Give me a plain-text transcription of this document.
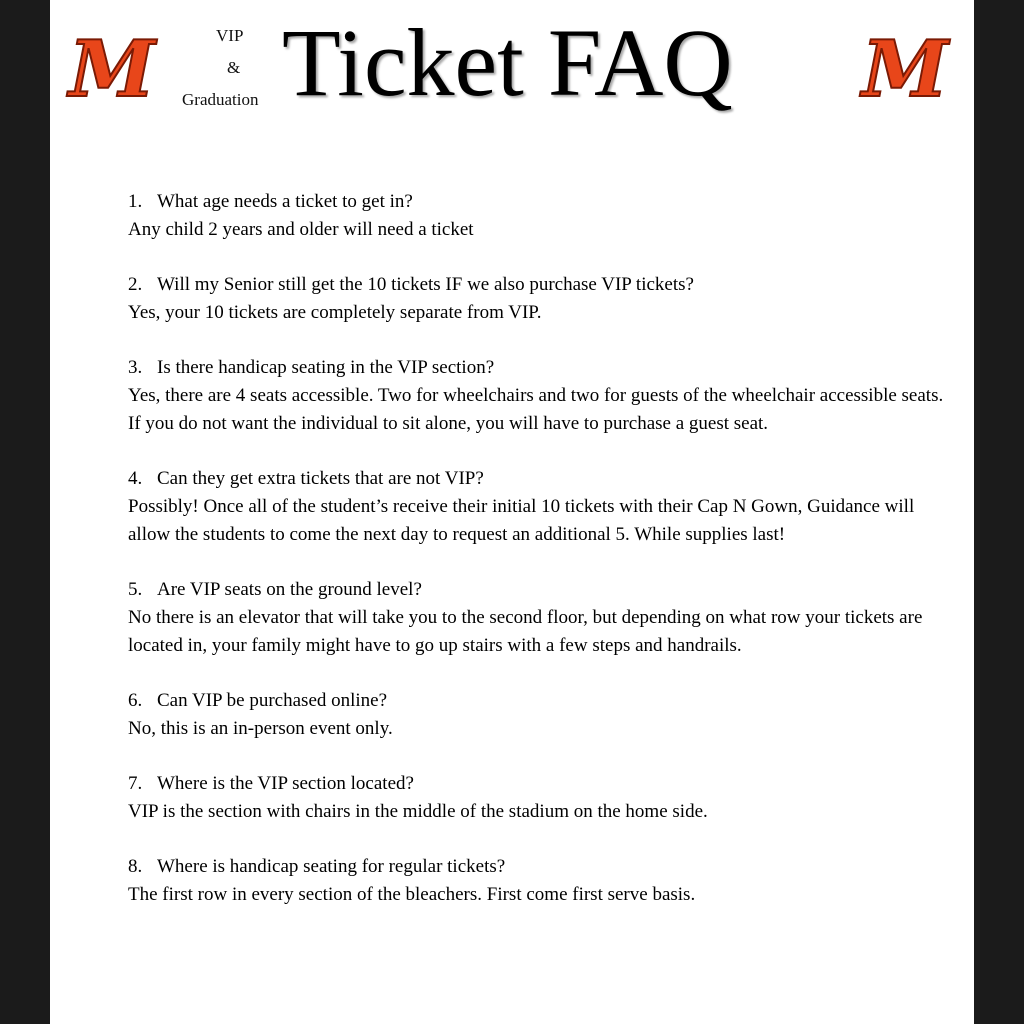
M	VIP
&
Graduation Ticket FAQ M
1. What age needs a ticket to get in?
Any child 2 years and older will need a ticket
2. Will my Senior still get the 10 tickets IF we also purchase VIP tickets?
Yes, your 10 tickets are completely separate from VIP.
3. Is there handicap seating in the VIP section?
Yes, there are 4 seats accessible. Two for wheelchairs and two for guests of the wheelchair accessible seats. If you do not want the individual to sit alone, you will have to purchase a guest seat.
4. Can they get extra tickets that are not VIP?
Possibly! Once all of the student’s receive their initial 10 tickets with their Cap N Gown, Guidance will allow the students to come the next day to request an additional 5. While supplies last!
5. Are VIP seats on the ground level?
No there is an elevator that will take you to the second floor, but depending on what row your tickets are located in, your family might have to go up stairs with a few steps and handrails.
6. Can VIP be purchased online?
No, this is an in-person event only.
7. Where is the VIP section located?
VIP is the section with chairs in the middle of the stadium on the home side.
8. Where is handicap seating for regular tickets?
The first row in every section of the bleachers. First come first serve basis.
